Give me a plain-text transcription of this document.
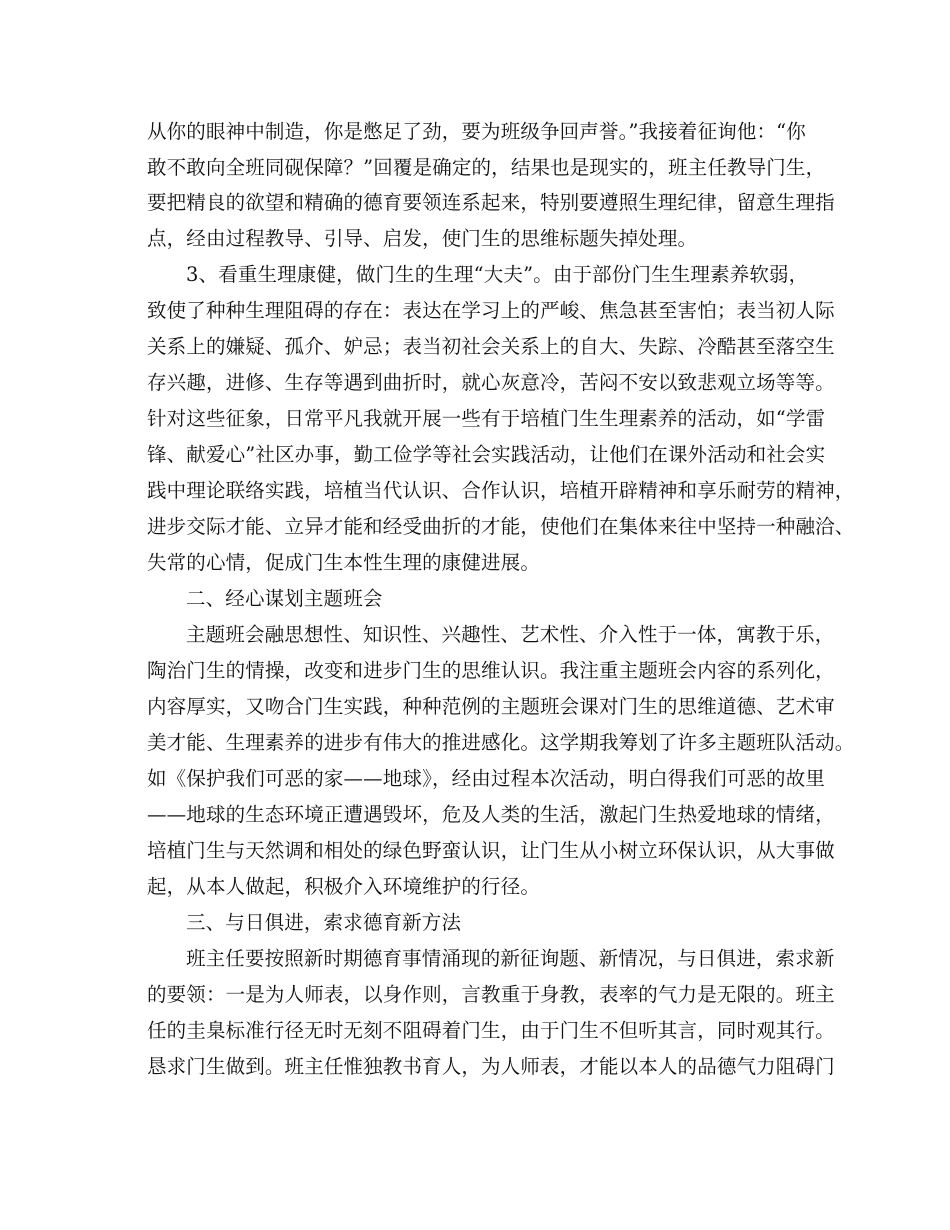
从你的眼神中制造，你是憋足了劲，要为班级争回声誉。”我接着征询他：“你
敢不敢向全班同砚保障？”回覆是确定的，结果也是现实的，班主任教导门生，
要把精良的欲望和精确的德育要领连系起来，特别要遵照生理纪律，留意生理指
点，经由过程教导、引导、启发，使门生的思维标题失掉处理。
3、看重生理康健，做门生的生理“大夫”。由于部份门生生理素养软弱，
致使了种种生理阻碍的存在：表达在学习上的严峻、焦急甚至害怕；表当初人际
关系上的嫌疑、孤介、妒忌；表当初社会关系上的自大、失踪、冷酷甚至落空生
存兴趣，进修、生存等遇到曲折时，就心灰意冷，苦闷不安以致悲观立场等等。
针对这些征象，日常平凡我就开展一些有于培植门生生理素养的活动，如“学雷
锋、献爱心”社区办事，勤工俭学等社会实践活动，让他们在课外活动和社会实
践中理论联络实践，培植当代认识、合作认识，培植开辟精神和享乐耐劳的精神，
进步交际才能、立异才能和经受曲折的才能，使他们在集体来往中坚持一种融洽、
失常的心情，促成门生本性生理的康健进展。
二、经心谋划主题班会
主题班会融思想性、知识性、兴趣性、艺术性、介入性于一体，寓教于乐，
陶治门生的情操，改变和进步门生的思维认识。我注重主题班会内容的系列化，
内容厚实，又吻合门生实践，种种范例的主题班会课对门生的思维道德、艺术审
美才能、生理素养的进步有伟大的推进感化。这学期我筹划了许多主题班队活动。
如《保护我们可恶的家——地球》，经由过程本次活动，明白得我们可恶的故里
——地球的生态环境正遭遇毁坏，危及人类的生活，激起门生热爱地球的情绪，
培植门生与天然调和相处的绿色野蛮认识，让门生从小树立环保认识，从大事做
起，从本人做起，积极介入环境维护的行径。
三、与日俱进，索求德育新方法
班主任要按照新时期德育事情涌现的新征询题、新情况，与日俱进，索求新
的要领：一是为人师表，以身作则，言教重于身教，表率的气力是无限的。班主
任的圭臬标准行径无时无刻不阻碍着门生，由于门生不但听其言，同时观其行。
恳求门生做到。班主任惟独教书育人，为人师表，才能以本人的品德气力阻碍门
